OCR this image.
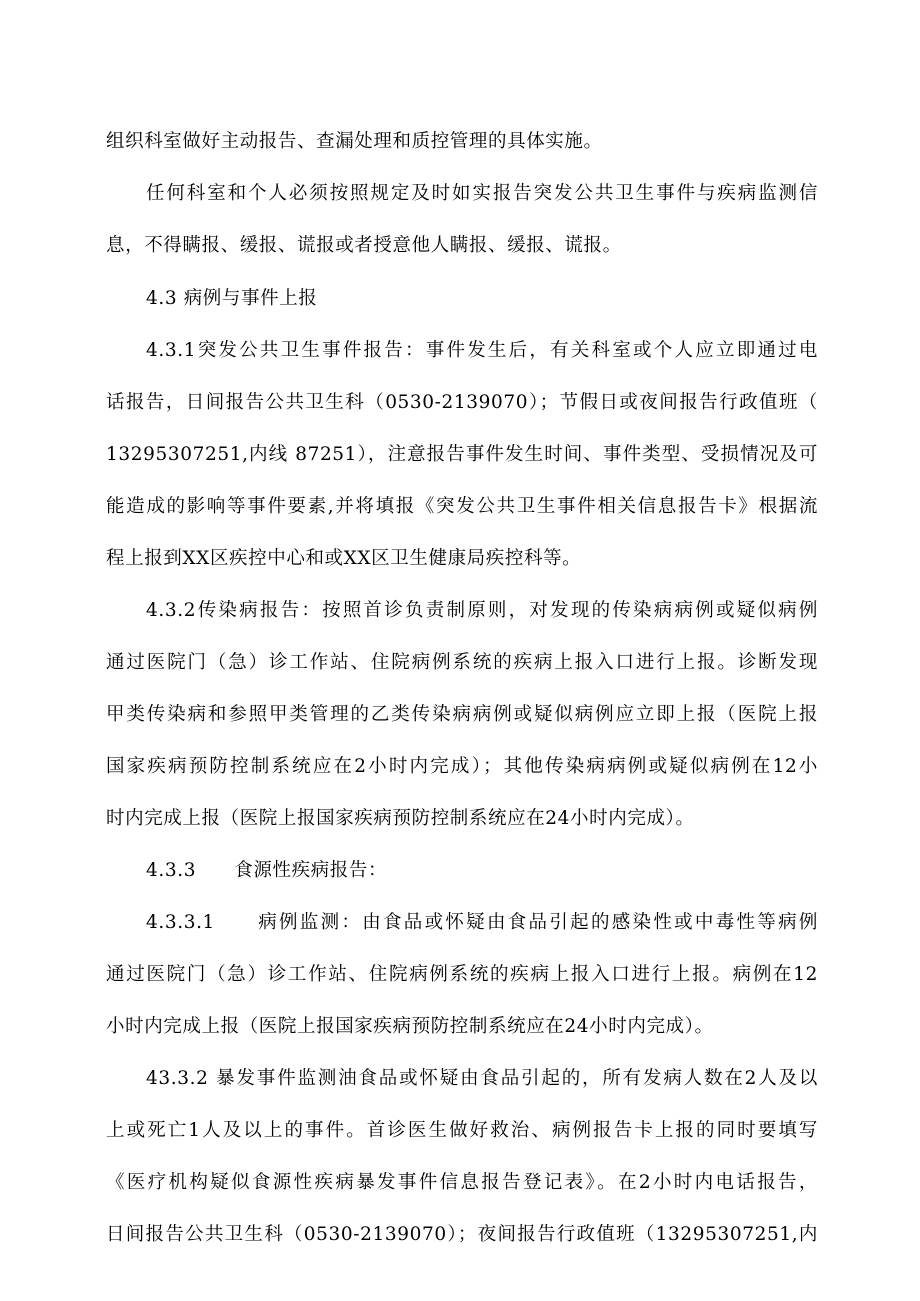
组织科室做好主动报告、查漏处理和质控管理的具体实施。
任何科室和个人必须按照规定及时如实报告突发公共卫生事件与疾病监测信
息，不得瞒报、缓报、谎报或者授意他人瞒报、缓报、谎报。
4.3 病例与事件上报
4.3.1突发公共卫生事件报告：事件发生后，有关科室或个人应立即通过电
话报告，日间报告公共卫生科（0530-2139070）；节假日或夜间报告行政值班（
13295307251,内线 87251），注意报告事件发生时间、事件类型、受损情况及可
能造成的影响等事件要素,并将填报《突发公共卫生事件相关信息报告卡》根据流
程上报到XX区疾控中心和或XX区卫生健康局疾控科等。
4.3.2传染病报告：按照首诊负责制原则，对发现的传染病病例或疑似病例
通过医院门（急）诊工作站、住院病例系统的疾病上报入口进行上报。诊断发现
甲类传染病和参照甲类管理的乙类传染病病例或疑似病例应立即上报（医院上报
国家疾病预防控制系统应在2小时内完成）；其他传染病病例或疑似病例在12小
时内完成上报（医院上报国家疾病预防控制系统应在24小时内完成）。
4.3.3　　食源性疾病报告：
4.3.3.1　　病例监测：由食品或怀疑由食品引起的感染性或中毒性等病例
通过医院门（急）诊工作站、住院病例系统的疾病上报入口进行上报。病例在12
小时内完成上报（医院上报国家疾病预防控制系统应在24小时内完成）。
43.3.2 暴发事件监测油食品或怀疑由食品引起的，所有发病人数在2人及以
上或死亡1人及以上的事件。首诊医生做好救治、病例报告卡上报的同时要填写
《医疗机构疑似食源性疾病暴发事件信息报告登记表》。在2小时内电话报告，
日间报告公共卫生科（0530-2139070）；夜间报告行政值班（13295307251,内
